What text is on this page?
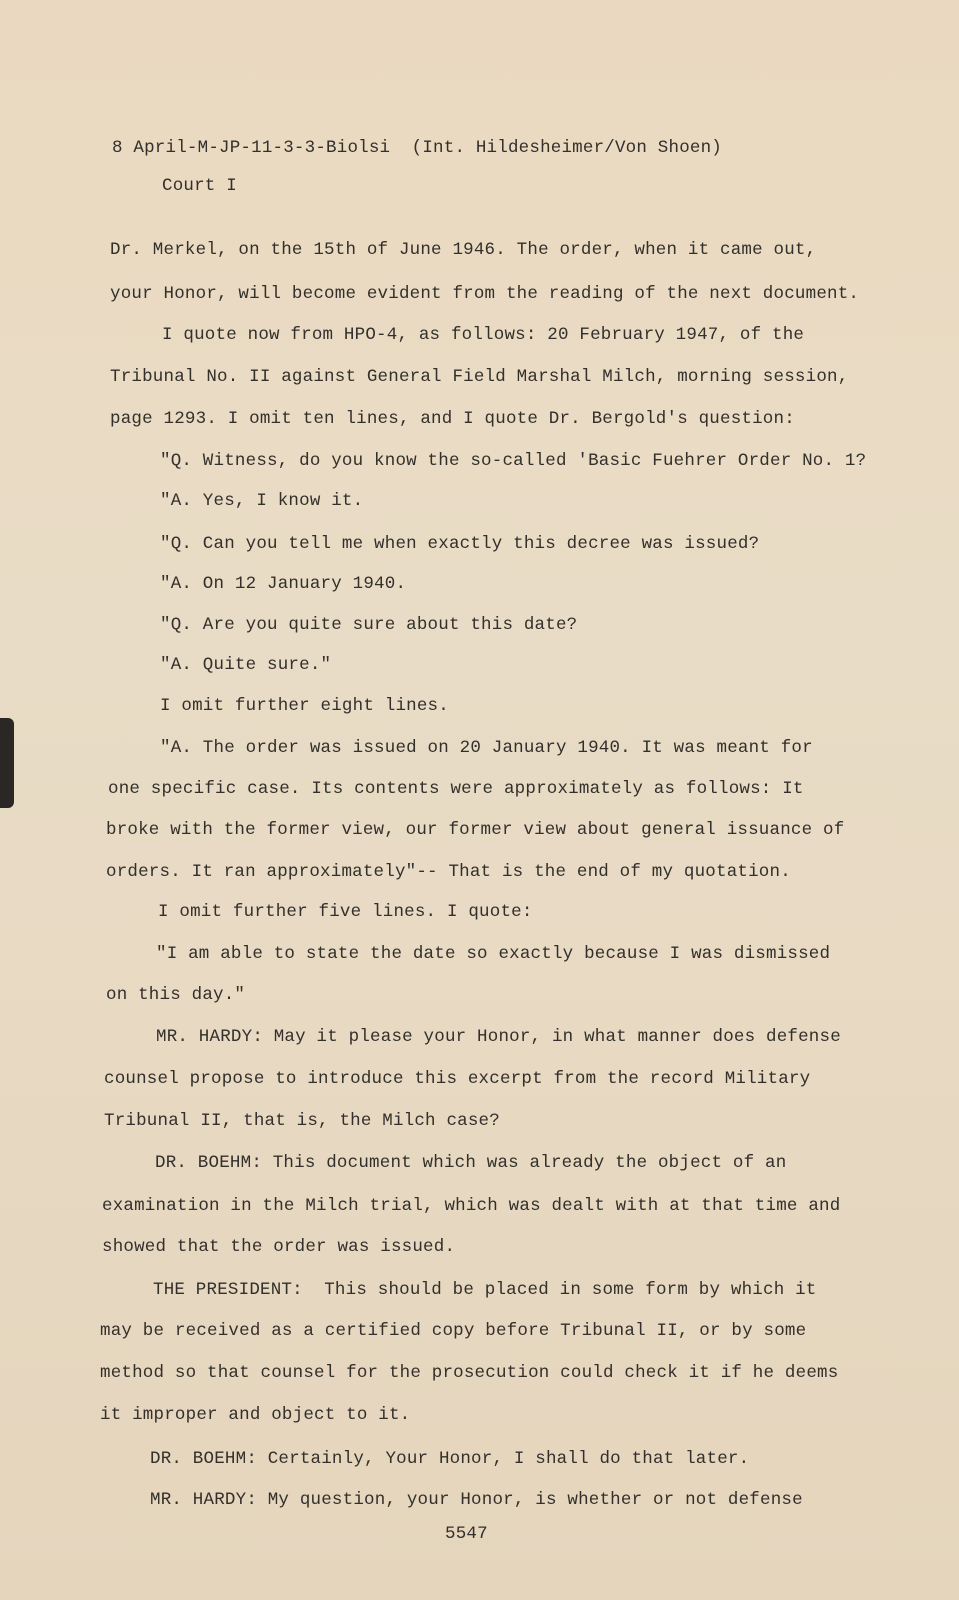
8 April-M-JP-11-3-3-Biolsi  (Int. Hildesheimer/Von Shoen)
Court I
Dr. Merkel, on the 15th of June 1946. The order, when it came out,
your Honor, will become evident from the reading of the next document.
I quote now from HPO-4, as follows: 20 February 1947, of the
Tribunal No. II against General Field Marshal Milch, morning session,
page 1293. I omit ten lines, and I quote Dr. Bergold's question:
"Q. Witness, do you know the so-called 'Basic Fuehrer Order No. 1?
"A. Yes, I know it.
"Q. Can you tell me when exactly this decree was issued?
"A. On 12 January 1940.
"Q. Are you quite sure about this date?
"A. Quite sure."
I omit further eight lines.
"A. The order was issued on 20 January 1940. It was meant for
one specific case. Its contents were approximately as follows: It
broke with the former view, our former view about general issuance of
orders. It ran approximately"-- That is the end of my quotation.
I omit further five lines. I quote:
"I am able to state the date so exactly because I was dismissed
on this day."
MR. HARDY: May it please your Honor, in what manner does defense
counsel propose to introduce this excerpt from the record Military
Tribunal II, that is, the Milch case?
DR. BOEHM: This document which was already the object of an
examination in the Milch trial, which was dealt with at that time and
showed that the order was issued.
THE PRESIDENT:  This should be placed in some form by which it
may be received as a certified copy before Tribunal II, or by some
method so that counsel for the prosecution could check it if he deems
it improper and object to it.
DR. BOEHM: Certainly, Your Honor, I shall do that later.
MR. HARDY: My question, your Honor, is whether or not defense
5547
